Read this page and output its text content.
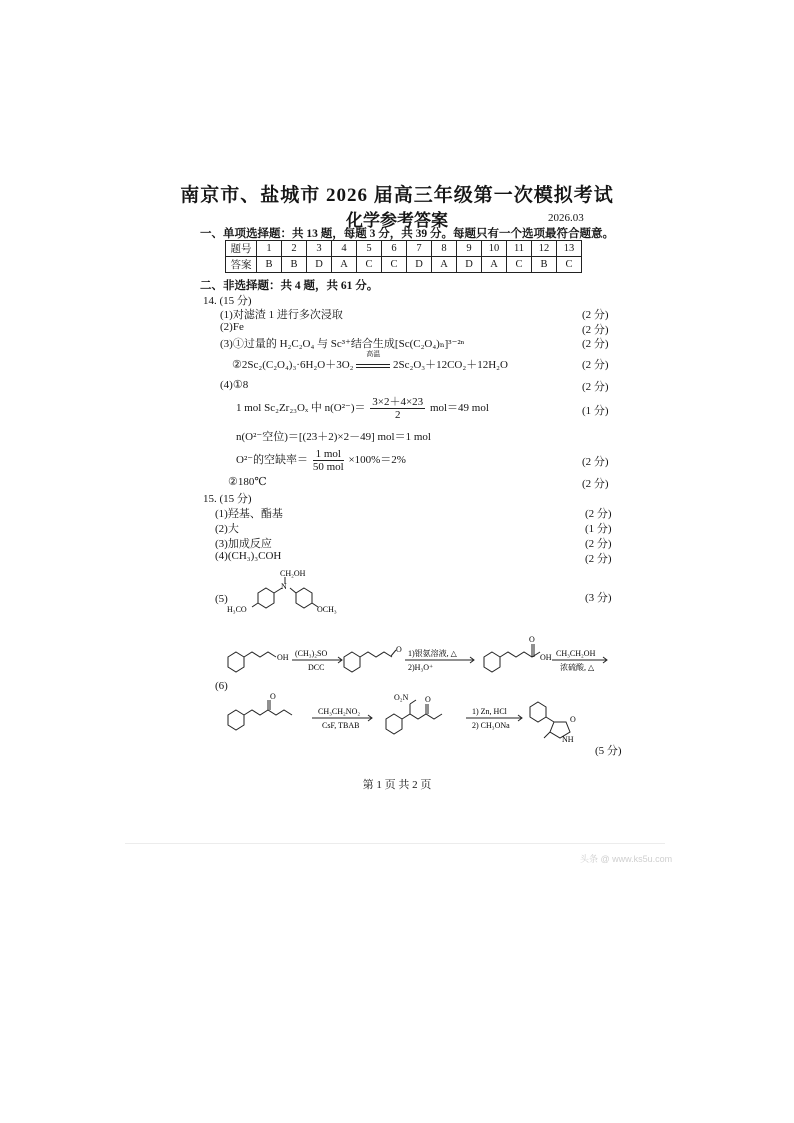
南京市、盐城市 2026 届高三年级第一次模拟考试
化学参考答案	2026.03
一、单项选择题：共 13 题，每题 3 分，共 39 分。每题只有一个选项最符合题意。
题号	1	2	3	4	5	6	7	8	9	10	11	12	13
答案	B	B	D	A	C	C	D	A	D	A	C	B	C
二、非选择题：共 4 题，共 61 分。
14. (15 分)
(1)对滤渣 1 进行多次浸取	(2 分)
(2)Fe	(2 分)
(3)①过量的 H₂C₂O₄ 与 Sc³⁺结合生成[Sc(C₂O₄)ₙ]³⁻²ⁿ	(2 分)
②2Sc₂(C₂O₄)₃·6H₂O＋3O₂
高温
2Sc₂O₃＋12CO₂＋12H₂O	(2 分)
(4)①8	(2 分)
1 mol Sc₂Zr₂₃Oₓ 中 $n(O^{2-})= \frac{3\times 2+4\times 23}{2} mol=49$ mol	(1 分)
n(O²⁻空位)＝[(23＋2)×2－49] mol＝1 mol
O²⁻的空缺率＝ $\frac{\text{1 mol}}{\text{50 mol}} \times 100\%=2\%$	(2 分)
②180℃	(2 分)
15. (15 分)
(1)羟基、酯基	(2 分)
(2)大	(1 分)
(3)加成反应	(2 分)
(4)(CH₃)₃COH	(2 分)
(5)	(3 分)
N
CH₂OH
H₃CO	OCH₃
OH (CH₃)₂SO
DCC
O 1)银氨溶液, △
2)H₃O⁺
O
OH CH₃CH₂OH
浓硫酸, △
(6)
O
CH₃CH₂NO₂
CsF, TBAB
O₂N O
1) Zn, HCl
2) CH₃ONa
NH
O
(5 分)
第 1 页 共 2 页
头条 @ www.ks5u.com
